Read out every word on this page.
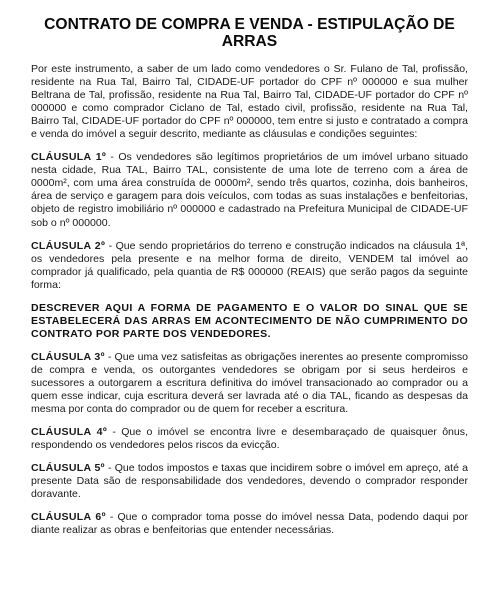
CONTRATO DE COMPRA E VENDA - ESTIPULAÇÃO DE ARRAS

Por este instrumento, a saber de um lado como vendedores o Sr. Fulano de Tal, profissão, residente na Rua Tal, Bairro Tal, CIDADE-UF portador do CPF nº 000000 e sua mulher Beltrana de Tal, profissão, residente na Rua Tal, Bairro Tal, CIDADE-UF portador do CPF nº 000000 e como comprador Ciclano de Tal, estado civil, profissão, residente na Rua Tal, Bairro Tal, CIDADE-UF portador do CPF nº 000000, tem entre si justo e contratado a compra e venda do imóvel a seguir descrito, mediante as cláusulas e condições seguintes:

CLÁUSULA 1º - Os vendedores são legítimos proprietários de um imóvel urbano situado nesta cidade, Rua TAL, Bairro TAL, consistente de uma lote de terreno com a área de 0000m², com uma área construída de 0000m², sendo três quartos, cozinha, dois banheiros, área de serviço e garagem para dois veículos, com todas as suas instalações e benfeitorias, objeto de registro imobiliário nº 000000 e cadastrado na Prefeitura Municipal de CIDADE-UF sob o nº 000000.

CLÁUSULA 2º - Que sendo proprietários do terreno e construção indicados na cláusula 1ª, os vendedores pela presente e na melhor forma de direito, VENDEM tal imóvel ao comprador já qualificado, pela quantia de R$ 000000 (REAIS) que serão pagos da seguinte forma:

DESCREVER AQUI A FORMA DE PAGAMENTO E O VALOR DO SINAL QUE SE ESTABELECERÁ DAS ARRAS EM ACONTECIMENTO DE NÃO CUMPRIMENTO DO CONTRATO POR PARTE DOS VENDEDORES.

CLÁUSULA 3º - Que uma vez satisfeitas as obrigações inerentes ao presente compromisso de compra e venda, os outorgantes vendedores se obrigam por si seus herdeiros e sucessores a outorgarem a escritura definitiva do imóvel transacionado ao comprador ou a quem esse indicar, cuja escritura deverá ser lavrada até o dia TAL, ficando as despesas da mesma por conta do comprador ou de quem for receber a escritura.

CLÁUSULA 4º - Que o imóvel se encontra livre e desembaraçado de quaisquer ônus, respondendo os vendedores pelos riscos da evicção.

CLÁUSULA 5º - Que todos impostos e taxas que incidirem sobre o imóvel em apreço, até a presente Data são de responsabilidade dos vendedores, devendo o comprador responder doravante.

CLÁUSULA 6º - Que o comprador toma posse do imóvel nessa Data, podendo daqui por diante realizar as obras e benfeitorias que entender necessárias.
